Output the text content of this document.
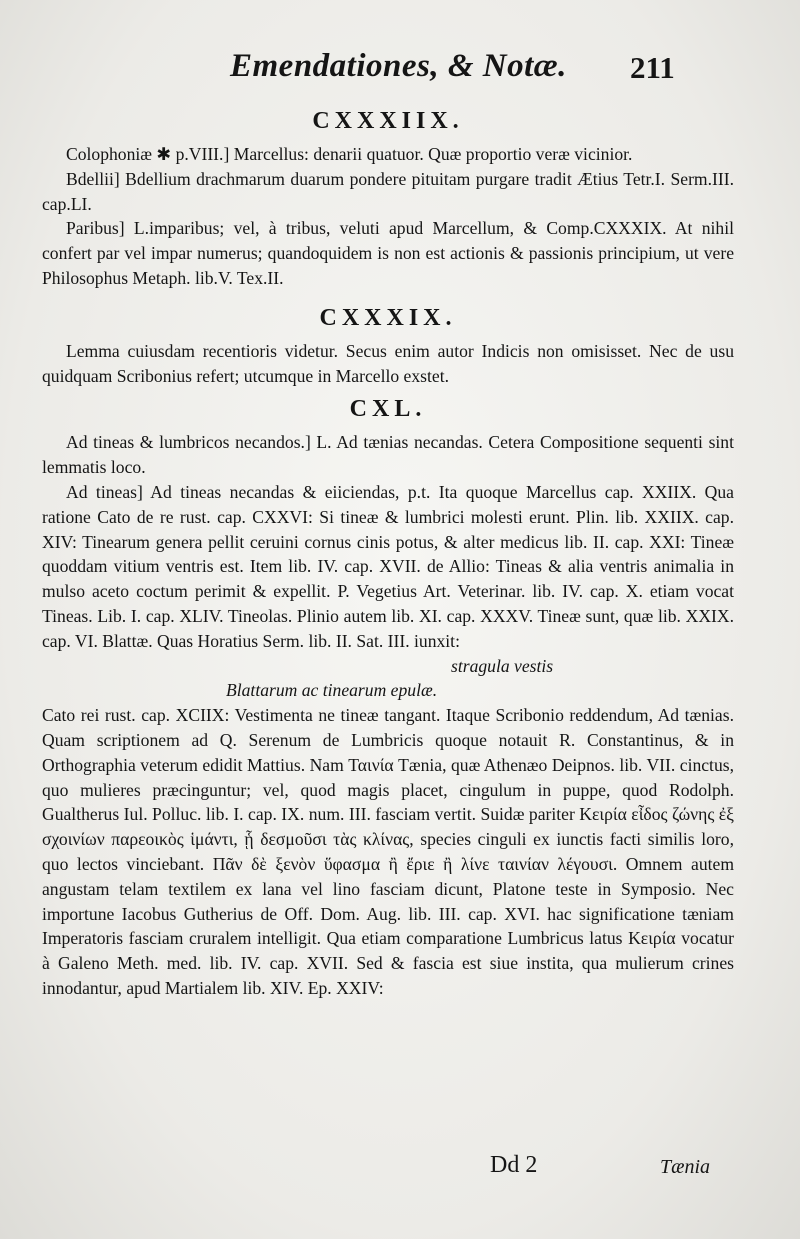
Emendationes, & Notæ. 211
CXXXIIX.

Colophoniæ ✱ p.VIII.] Marcellus: denarii quatuor. Quæ proportio veræ vicinior.

Bdellii] Bdellium drachmarum duarum pondere pituitam purgare tradit Ætius Tetr.I. Serm.III. cap.LI.

Paribus] L.imparibus; vel, à tribus, veluti apud Marcellum, & Comp.CXXXIX. At nihil confert par vel impar numerus; quandoquidem is non est actionis & passionis principium, ut vere Philosophus Metaph. lib.V. Tex.II.

CXXXIX.

Lemma cuiusdam recentioris videtur. Secus enim autor Indicis non omisisset. Nec de usu quidquam Scribonius refert; utcumque in Marcello exstet.

CXL.

Ad tineas & lumbricos necandos.] L. Ad tænias necandas. Cetera Compositione sequenti sint lemmatis loco.

Ad tineas] Ad tineas necandas & eiiciendas, p.t. Ita quoque Marcellus cap. XXIIX. Qua ratione Cato de re rust. cap. CXXVI: Si tineæ & lumbrici molesti erunt. Plin. lib. XXIIX. cap. XIV: Tinearum genera pellit ceruini cornus cinis potus, & alter medicus lib. II. cap. XXI: Tineæ quoddam vitium ventris est. Item lib. IV. cap. XVII. de Allio: Tineas & alia ventris animalia in mulso aceto coctum perimit & expellit. P. Vegetius Art. Veterinar. lib. IV. cap. X. etiam vocat Tineas. Lib. I. cap. XLIV. Tineolas. Plinio autem lib. XI. cap. XXXV. Tineæ sunt, quæ lib. XXIX. cap. VI. Blattæ. Quas Horatius Serm. lib. II. Sat. III. iunxit:

stragula vestis

Blattarum ac tinearum epulæ.

Cato rei rust. cap. XCIIX: Vestimenta ne tineæ tangant. Itaque Scribonio reddendum, Ad tænias. Quam scriptionem ad Q. Serenum de Lumbricis quoque notauit R. Constantinus, & in Orthographia veterum edidit Mattius. Nam Ταινία Tænia, quæ Athenæo Deipnos. lib. VII. cinctus, quo mulieres præcinguntur; vel, quod magis placet, cingulum in puppe, quod Rodolph. Gualtherus Iul. Polluc. lib. I. cap. IX. num. III. fasciam vertit. Suidæ pariter Κειρία εἶδος ζώνης ἐξ σχοινίων παρεοικὸς ἱμάντι, ᾗ δεσμοῦσι τὰς κλίνας, species cinguli ex iunctis facti similis loro, quo lectos vinciebant. Πᾶν δὲ ξενὸν ὕφασμα ἢ ἔριε ἢ λίνε ταινίαν λέγουσι. Omnem autem angustam telam textilem ex lana vel lino fasciam dicunt, Platone teste in Symposio. Nec importune Iacobus Gutherius de Off. Dom. Aug. lib. III. cap. XVI. hac significatione tæniam Imperatoris fasciam cruralem intelligit. Qua etiam comparatione Lumbricus latus Κειρία vocatur à Galeno Meth. med. lib. IV. cap. XVII. Sed & fascia est siue instita, qua mulierum crines innodantur, apud Martialem lib. XIV. Ep. XXIV:

Dd 2	Tænia
